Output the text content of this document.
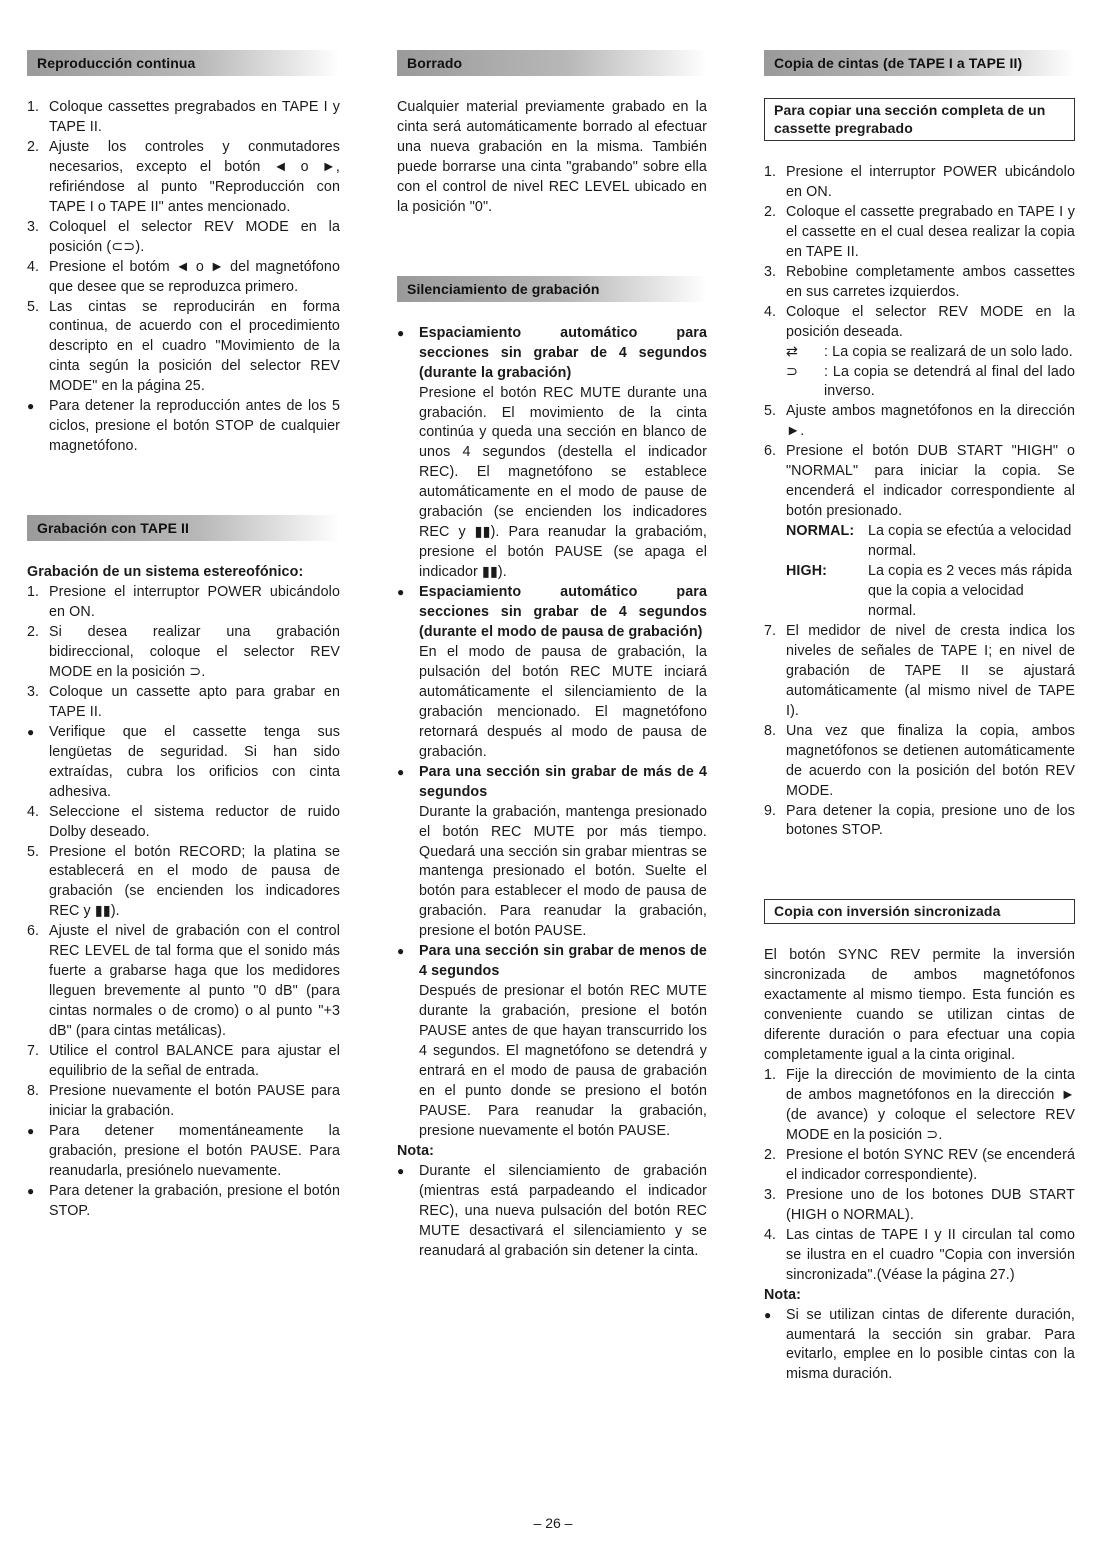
Reproducción continua
1. Coloque cassettes pregrabados en TAPE I y TAPE II.
2. Ajuste los controles y conmutadores necesarios, excepto el botón ◄ o ►, refiriéndose al punto "Reproducción con TAPE I o TAPE II" antes mencionado.
3. Coloquel el selector REV MODE en la posición (⊂⊃).
4. Presione el botóm ◄ o ► del magnetófono que desee que se reproduzca primero.
5. Las cintas se reproducirán en forma continua, de acuerdo con el procedimiento descripto en el cuadro "Movimiento de la cinta según la posición del selector REV MODE" en la página 25.
●	Para detener la reproducción antes de los 5 ciclos, presione el botón STOP de cualquier magnetófono.
Grabación con TAPE II
Grabación de un sistema estereofónico:
1. Presione el interruptor POWER ubicándolo en ON.
2. Si desea realizar una grabación bidireccional, coloque el selector REV MODE en la posición ⊃.
3. Coloque un cassette apto para grabar en TAPE II.
●	Verifique que el cassette tenga sus lengüetas de seguridad. Si han sido extraídas, cubra los orificios con cinta adhesiva.
4. Seleccione el sistema reductor de ruido Dolby deseado.
5. Presione el botón RECORD; la platina se establecerá en el modo de pausa de grabación (se encienden los indicadores REC y ▮▮).
6. Ajuste el nivel de grabación con el control REC LEVEL de tal forma que el sonido más fuerte a grabarse haga que los medidores lleguen brevemente al punto "0 dB" (para cintas normales o de cromo) o al punto "+3 dB" (para cintas metálicas).
7. Utilice el control BALANCE para ajustar el equilibrio de la señal de entrada.
8. Presione nuevamente el botón PAUSE para iniciar la grabación.
●	Para detener momentáneamente la grabación, presione el botón PAUSE. Para reanudarla, presiónelo nuevamente.
●	Para detener la grabación, presione el botón STOP.
Borrado

Cualquier material previamente grabado en la cinta será automáticamente borrado al efectuar una nueva grabación en la misma. También puede borrarse una cinta "grabando" sobre ella con el control de nivel REC LEVEL ubicado en la posición "0".

Silenciamiento de grabación
●	Espaciamiento automático para secciones sin grabar de 4 segundos (durante la grabación)
Presione el botón REC MUTE durante una grabación. El movimiento de la cinta continúa y queda una sección en blanco de unos 4 segundos (destella el indicador REC). El magnetófono se establece automáticamente en el modo de pause de grabación (se encienden los indicadores REC y ▮▮). Para reanudar la grabacióm, presione el botón PAUSE (se apaga el indicador ▮▮).
●	Espaciamiento automático para secciones sin grabar de 4 segundos (durante el modo de pausa de grabación)
En el modo de pausa de grabación, la pulsación del botón REC MUTE inciará automáticamente el silenciamiento de la grabación mencionado. El magnetófono retornará después al modo de pausa de grabación.
●	Para una sección sin grabar de más de 4 segundos
Durante la grabación, mantenga presionado el botón REC MUTE por más tiempo. Quedará una sección sin grabar mientras se mantenga presionado el botón. Suelte el botón para establecer el modo de pausa de grabación. Para reanudar la grabación, presione el botón PAUSE.
●	Para una sección sin grabar de menos de 4 segundos
Después de presionar el botón REC MUTE durante la grabación, presione el botón PAUSE antes de que hayan transcurrido los 4 segundos. El magnetófono se detendrá y entrará en el modo de pausa de grabación en el punto donde se presiono el botón PAUSE. Para reanudar la grabación, presione nuevamente el botón PAUSE.
Nota:
●	Durante el silenciamiento de grabación (mientras está parpadeando el indicador REC), una nueva pulsación del botón REC MUTE desactivará el silenciamiento y se reanudará al grabación sin detener la cinta.
Copia de cintas (de TAPE I a TAPE II)
Para copiar una sección completa de un cassette pregrabado
1. Presione el interruptor POWER ubicándolo en ON.
2. Coloque el cassette pregrabado en TAPE I y el cassette en el cual desea realizar la copia en TAPE II.
3. Rebobine completamente ambos cassettes en sus carretes izquierdos.
4. Coloque el selector REV MODE en la posición deseada.
⇄	: La copia se realizará de un solo lado.
⊃	: La copia se detendrá al final del lado inverso.
5. Ajuste ambos magnetófonos en la dirección ►.
6. Presione el botón DUB START "HIGH" o "NORMAL" para iniciar la copia. Se encenderá el indicador correspondiente al botón presionado.
NORMAL: La copia se efectúa a velocidad normal.
HIGH:	La copia es 2 veces más rápida que la copia a velocidad normal.
7. El medidor de nivel de cresta indica los niveles de señales de TAPE I; en nivel de grabación de TAPE II se ajustará automáticamente (al mismo nivel de TAPE I).
8. Una vez que finaliza la copia, ambos magnetófonos se detienen automáticamente de acuerdo con la posición del botón REV MODE.
9. Para detener la copia, presione uno de los botones STOP.
Copia con inversión sincronizada

El botón SYNC REV permite la inversión sincronizada de ambos magnetófonos exactamente al mismo tiempo. Esta función es conveniente cuando se utilizan cintas de diferente duración o para efectuar una copia completamente igual a la cinta original.

1. Fije la dirección de movimiento de la cinta de ambos magnetófonos en la dirección ► (de avance) y coloque el selectore REV MODE en la posición ⊃.
2. Presione el botón SYNC REV (se encenderá el indicador correspondiente).
3. Presione uno de los botones DUB START (HIGH o NORMAL).
4. Las cintas de TAPE I y II circulan tal como se ilustra en el cuadro "Copia con inversión sincronizada".(Véase la página 27.)
Nota:
●	Si se utilizan cintas de diferente duración, aumentará la sección sin grabar. Para evitarlo, emplee en lo posible cintas con la misma duración.
– 26 –
